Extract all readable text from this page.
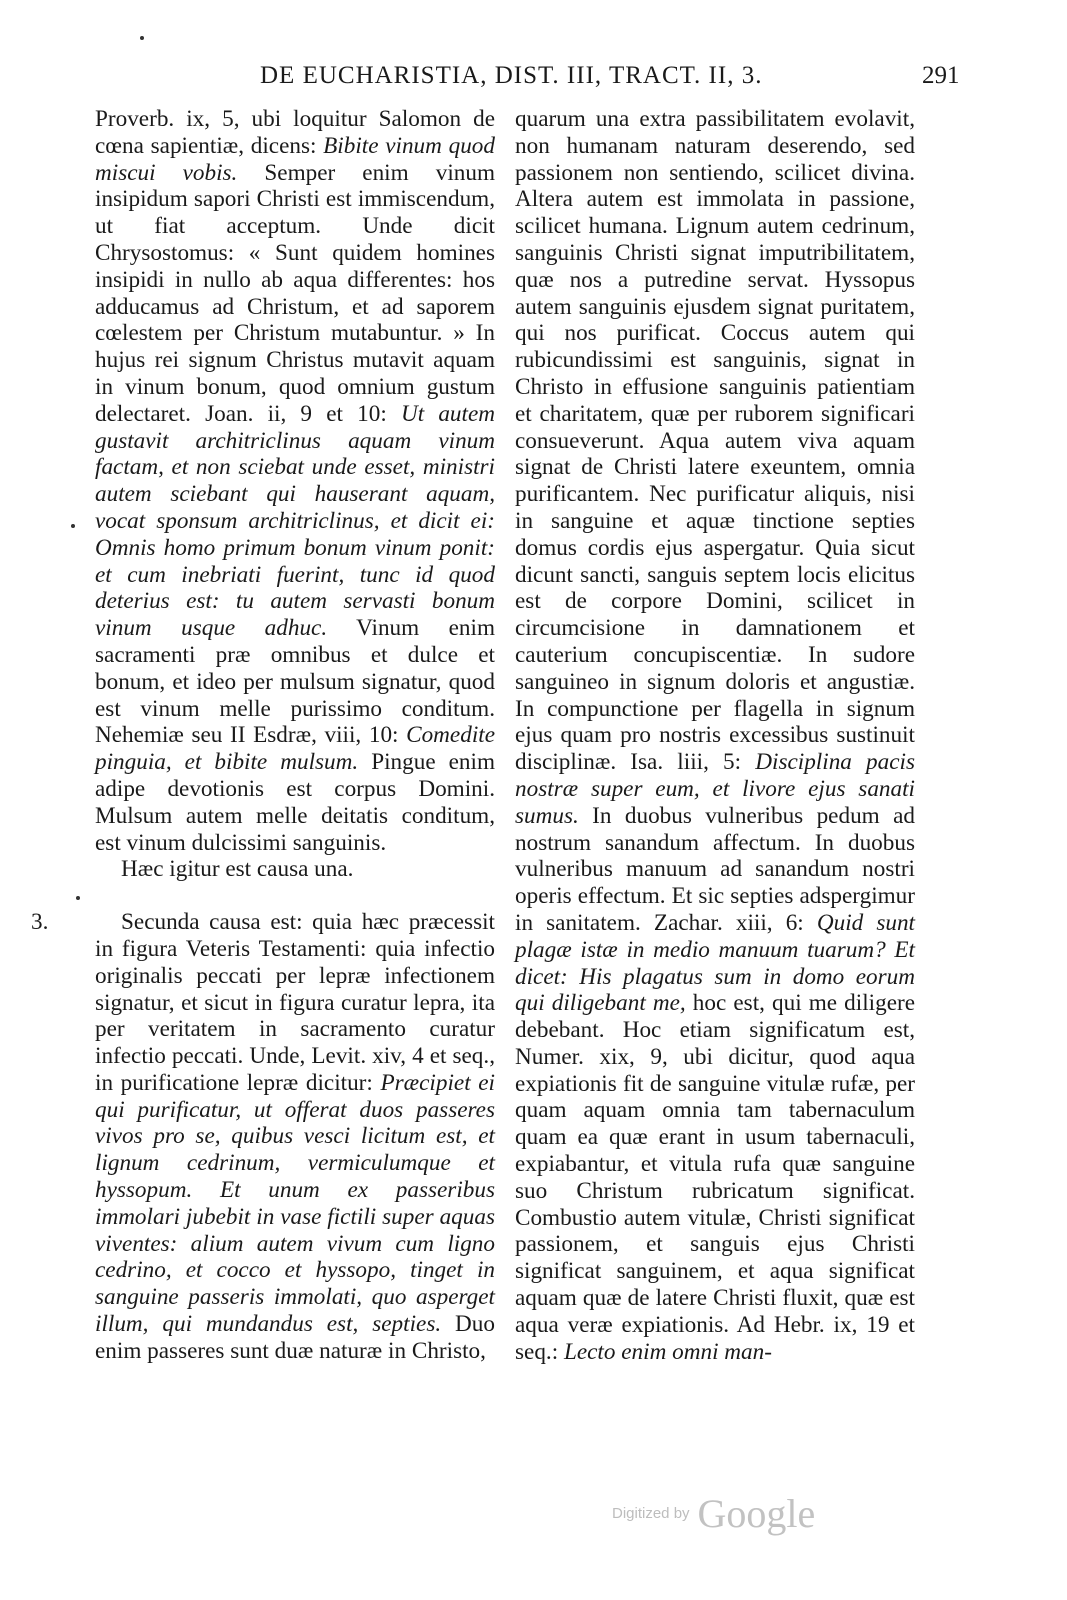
DE EUCHARISTIA, DIST. III, TRACT. II, 3.	291

Proverb. ix, 5, ubi loquitur Salomon de cœna sapientiæ, dicens: Bibite vinum quod miscui vobis. Semper enim vinum insipidum sapori Christi est immiscendum, ut fiat acceptum. Unde dicit Chrysostomus: « Sunt quidem homines insipidi in nullo ab aqua differentes: hos adducamus ad Christum, et ad saporem cœlestem per Christum mutabuntur. » In hujus rei signum Christus mutavit aquam in vinum bonum, quod omnium gustum delectaret. Joan. ii, 9 et 10: Ut autem gustavit architriclinus aquam vinum factam, et non sciebat unde esset, ministri autem sciebant qui hauserant aquam, vocat sponsum architriclinus, et dicit ei: Omnis homo primum bonum vinum ponit: et cum inebriati fuerint, tunc id quod deterius est: tu autem servasti bonum vinum usque adhuc. Vinum enim sacramenti præ omnibus et dulce et bonum, et ideo per mulsum signatur, quod est vinum melle purissimo conditum. Nehemiæ seu II Esdræ, viii, 10: Comedite pinguia, et bibite mulsum. Pingue enim adipe devotionis est corpus Domini. Mulsum autem melle deitatis conditum, est vinum dulcissimi sanguinis.

Hæc igitur est causa una.

3.	Secunda causa est: quia hæc præcessit in figura Veteris Testamenti: quia infectio originalis peccati per lepræ infectionem signatur, et sicut in figura curatur lepra, ita per veritatem in sacramento curatur infectio peccati. Unde, Levit. xiv, 4 et seq., in purificatione lepræ dicitur: Præcipiet ei qui purificatur, ut offerat duos passeres vivos pro se, quibus vesci licitum est, et lignum cedrinum, vermiculumque et hyssopum. Et unum ex passeribus immolari jubebit in vase fictili super aquas viventes: alium autem vivum cum ligno cedrino, et cocco et hyssopo, tinget in sanguine passeris immolati, quo asperget illum, qui mundandus est, septies. Duo enim passeres sunt duæ naturæ in Christo,

quarum una extra passibilitatem evolavit, non humanam naturam deserendo, sed passionem non sentiendo, scilicet divina. Altera autem est immolata in passione, scilicet humana. Lignum autem cedrinum, sanguinis Christi signat imputribilitatem, quæ nos a putredine servat. Hyssopus autem sanguinis ejusdem signat puritatem, qui nos purificat. Coccus autem qui rubicundissimi est sanguinis, signat in Christo in effusione sanguinis patientiam et charitatem, quæ per ruborem significari consueverunt. Aqua autem viva aquam signat de Christi latere exeuntem, omnia purificantem. Nec purificatur aliquis, nisi in sanguine et aquæ tinctione septies domus cordis ejus aspergatur. Quia sicut dicunt sancti, sanguis septem locis elicitus est de corpore Domini, scilicet in circumcisione in damnationem et cauterium concupiscentiæ. In sudore sanguineo in signum doloris et angustiæ. In compunctione per flagella in signum ejus quam pro nostris excessibus sustinuit disciplinæ. Isa. liii, 5: Disciplina pacis nostræ super eum, et livore ejus sanati sumus. In duobus vulneribus pedum ad nostrum sanandum affectum. In duobus vulneribus manuum ad sanandum nostri operis effectum. Et sic septies adspergimur in sanitatem. Zachar. xiii, 6: Quid sunt plagæ istæ in medio manuum tuarum? Et dicet: His plagatus sum in domo eorum qui diligebant me, hoc est, qui me diligere debebant. Hoc etiam significatum est, Numer. xix, 9, ubi dicitur, quod aqua expiationis fit de sanguine vitulæ rufæ, per quam aquam omnia tam tabernaculum quam ea quæ erant in usum tabernaculi, expiabantur, et vitula rufa quæ sanguine suo Christum rubricatum significat. Combustio autem vitulæ, Christi significat passionem, et sanguis ejus Christi significat sanguinem, et aqua significat aquam quæ de latere Christi fluxit, quæ est aqua veræ expiationis. Ad Hebr. ix, 19 et seq.: Lecto enim omni man-

Digitized by Google
